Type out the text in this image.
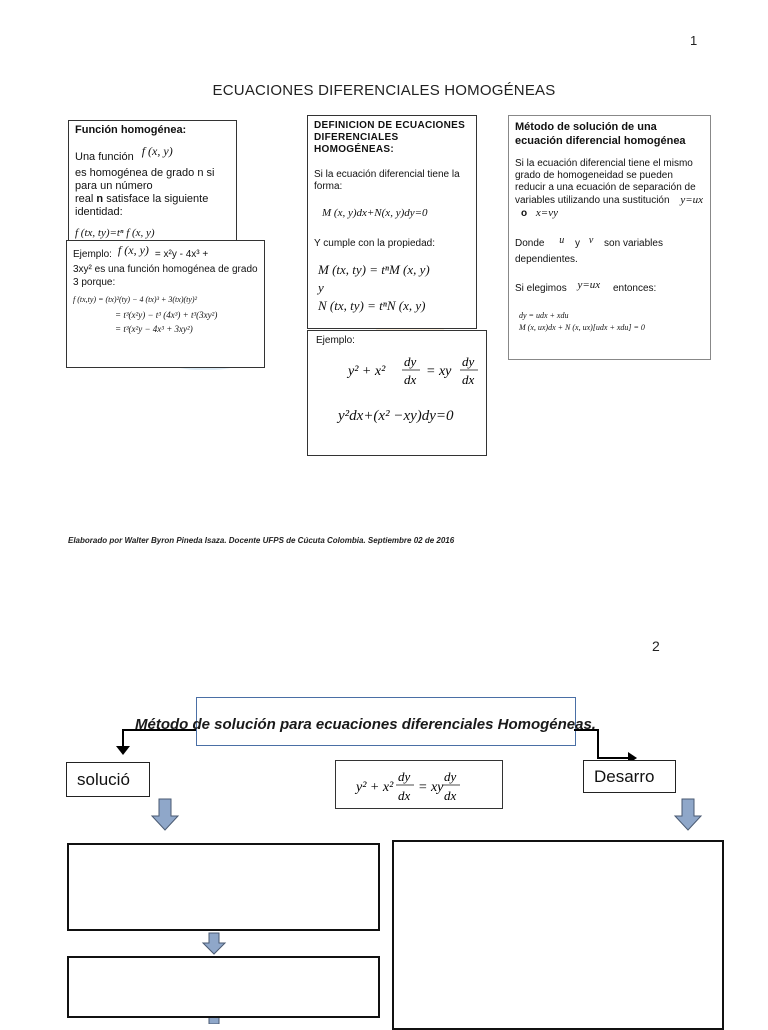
1
ECUACIONES DIFERENCIALES HOMOGÉNEAS
Función homogénea:
Una función f (x, y)
es homogénea de grado n si para un número
real n satisface la siguiente identidad:
f (tx, ty)=tⁿ f (x, y)
Ejemplo: f (x, y) = x²y - 4x³ +
3xy² es una función homogénea de grado 3 porque:
f (tx,ty) = (tx)²(ty) − 4 (tx)³ + 3(tx)(ty)²
= t³(x²y) − t³ (4x³) + t³(3xy²)
= t³(x²y − 4x³ + 3xy²)
DEFINICION DE ECUACIONES DIFERENCIALES HOMOGÉNEAS:
Si la ecuación diferencial tiene la forma:
M (x, y)dx+N(x, y)dy=0
Y cumple con la propiedad:
M (tx, ty) = tⁿM (x, y)
y
N (tx, ty) = tⁿN (x, y)
Ejemplo:
y² + x²
dy
dx
= xy
dy
dx
y²dx+(x² −xy)dy=0
Método de solución de una ecuación diferencial homogénea
Si la ecuación diferencial tiene el mismo grado de homogeneidad se pueden reducir a una ecuación de separación de variables utilizando una sustitución y=ux o x=vy
Donde u y v son variables dependientes.
Si elegimos y=ux entonces:
dy = udx + xdu
M (x, ux)dx + N (x, ux)[udx + xdu] = 0
Elaborado por Walter Byron Pineda Isaza. Docente UFPS de Cúcuta Colombia. Septiembre 02 de 2016
2
Método de solución para ecuaciones diferenciales Homogéneas.
solució	Desarro
y² + x²
dy
dx
= xy
dy
dx
